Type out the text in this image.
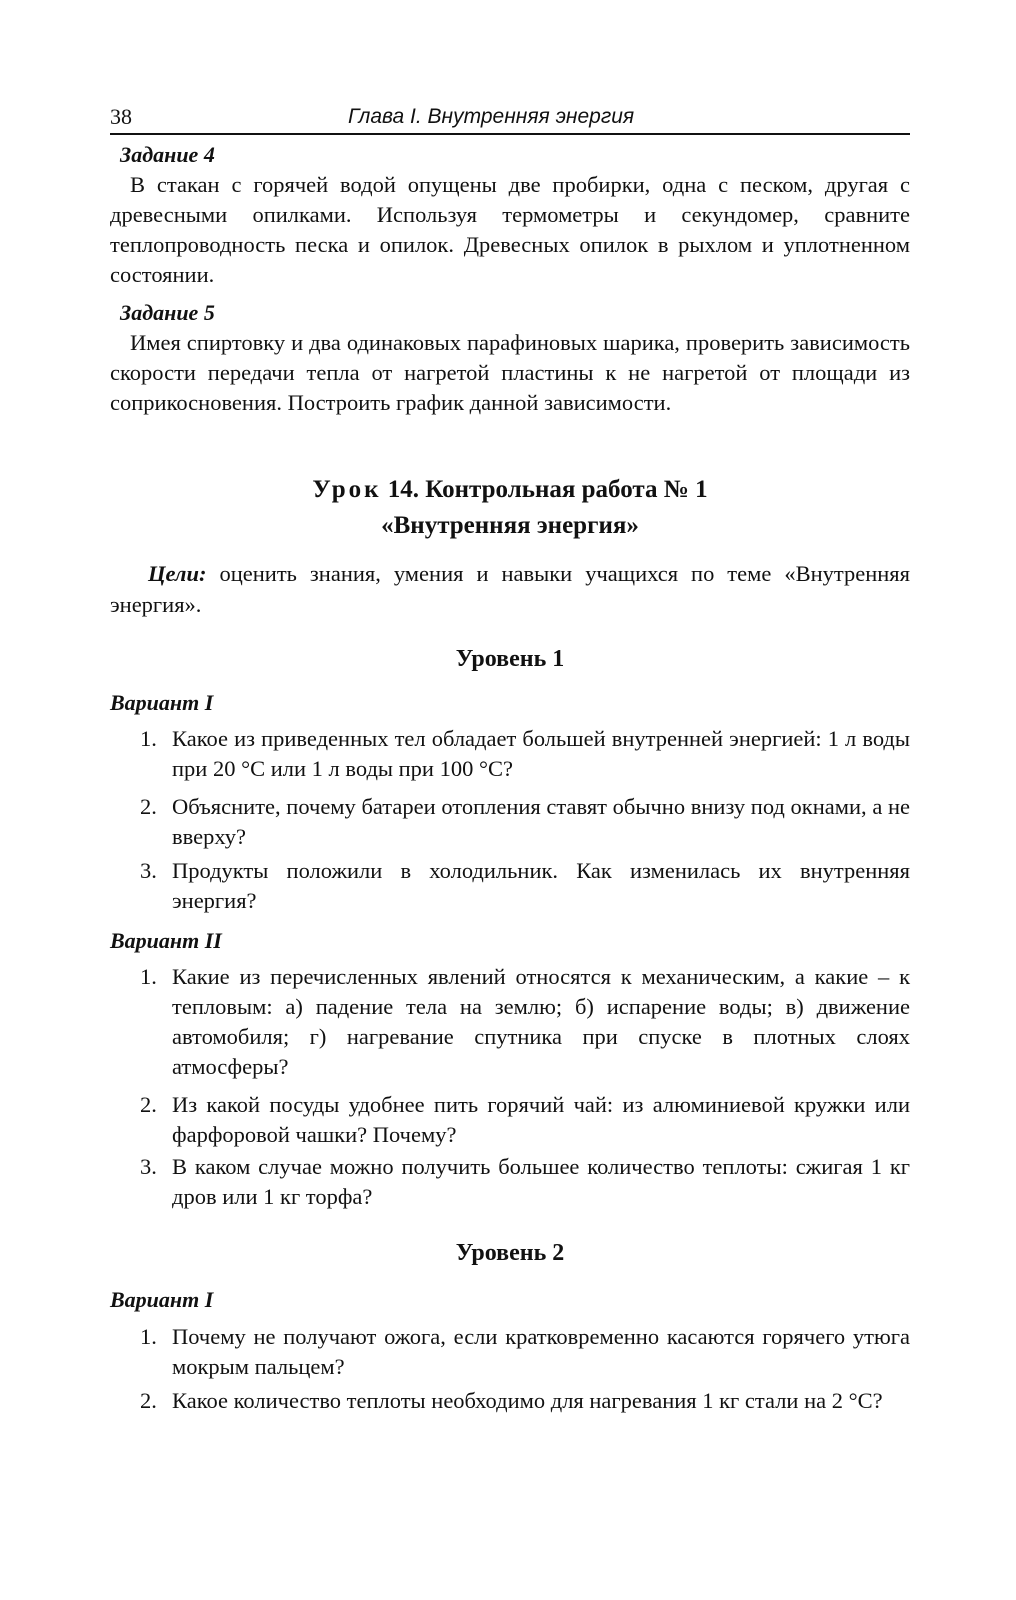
38	Глава I. Внутренняя энергия
Задание 4

В стакан с горячей водой опущены две пробирки, одна с песком, другая с древесными опилками. Используя термометры и секундомер, сравните теплопроводность песка и опилок. Древесных опилок в рыхлом и уплотненном состоянии.

Задание 5

Имея спиртовку и два одинаковых парафиновых шарика, проверить зависимость скорости передачи тепла от нагретой пластины к не нагретой от площади из соприкосновения. Построить график данной зависимости.

Урок 14. Контрольная работа № 1
«Внутренняя энергия»
Цели: оценить знания, умения и навыки учащихся по теме «Внутренняя энергия».
Уровень 1
Вариант I
1. Какое из приведенных тел обладает большей внутренней энергией: 1 л воды при 20 °С или 1 л воды при 100 °С?
2. Объясните, почему батареи отопления ставят обычно внизу под окнами, а не вверху?
3. Продукты положили в холодильник. Как изменилась их внутренняя энергия?
Вариант II
1. Какие из перечисленных явлений относятся к механическим, а какие – к тепловым: а) падение тела на землю; б) испарение воды; в) движение автомобиля; г) нагревание спутника при спуске в плотных слоях атмосферы?
2. Из какой посуды удобнее пить горячий чай: из алюминиевой кружки или фарфоровой чашки? Почему?
3. В каком случае можно получить большее количество теплоты: сжигая 1 кг дров или 1 кг торфа?
Уровень 2
Вариант I
1. Почему не получают ожога, если кратковременно касаются горячего утюга мокрым пальцем?
2. Какое количество теплоты необходимо для нагревания 1 кг стали на 2 °С?
